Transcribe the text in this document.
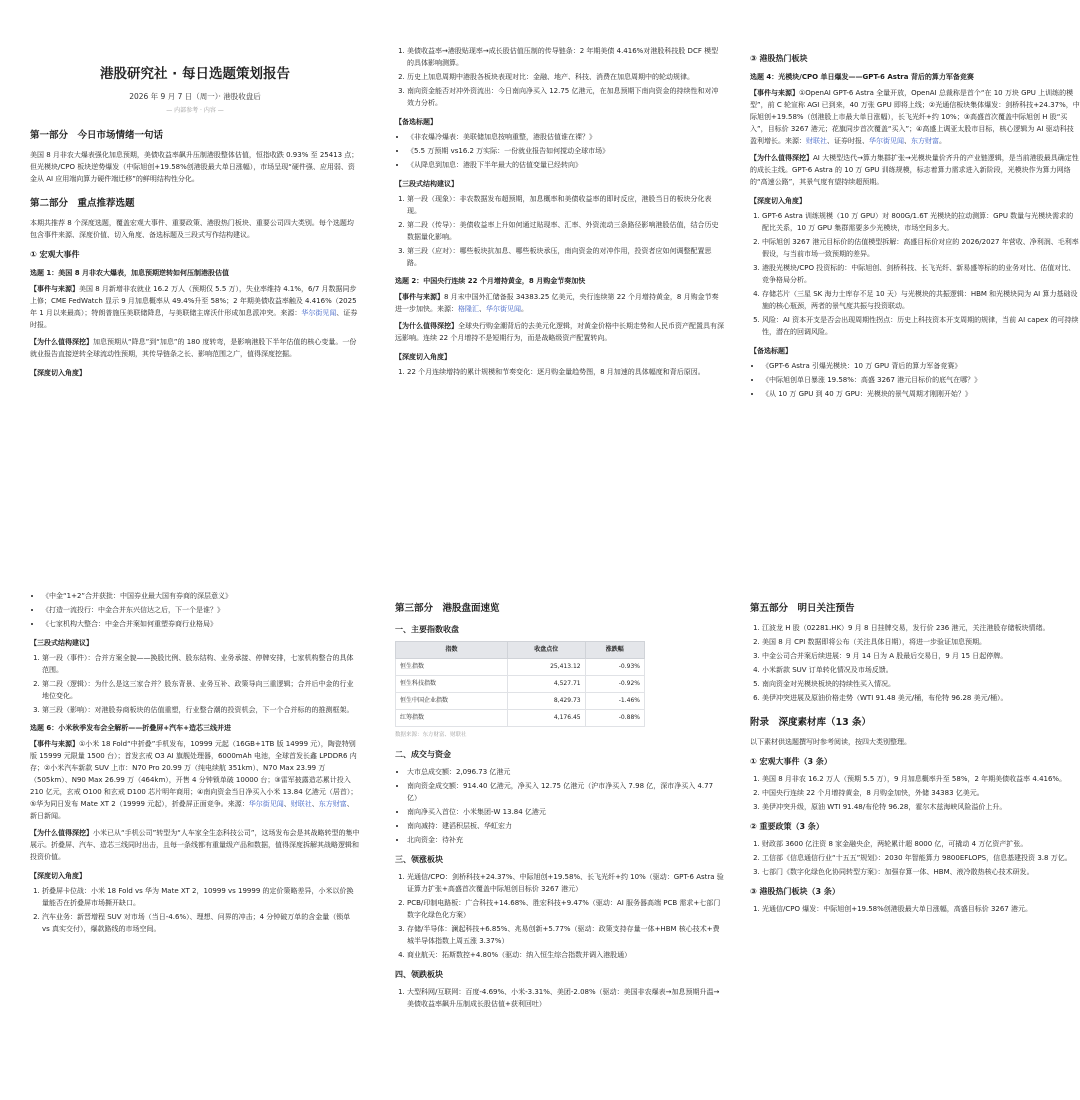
港股研究社 · 每日选题策划报告
2026 年 9 月 7 日（周一）· 港股收盘后
— 内部参考 · 内容 —
第一部分　今日市场情绪一句话

美国 8 月非农大爆表强化加息预期，美债收益率飙升压制港股整体估值，恒指收跌 0.93% 至 25413 点；但光模块/CPO 板块逆势爆发（中际旭创+19.58%创港股最大单日涨幅），市场呈现“硬件强、应用弱、资金从 AI 应用端向算力硬件端迁移”的鲜明结构性分化。

第二部分　重点推荐选题

本期共推荐 8 个深度选题，覆盖宏观大事件、重要政策、港股热门板块、重要公司四大类别。每个选题均包含事件来源、深度价值、切入角度、备选标题及三段式写作结构建议。

① 宏观大事件
选题 1：美国 8 月非农大爆表，加息预期逆转如何压制港股估值

【事件与来源】美国 8 月新增非农就业 16.2 万人（预期仅 5.5 万），失业率维持 4.1%，6/7 月数据同步上修；CME FedWatch 显示 9 月加息概率从 49.4%升至 58%；2 年期美债收益率触及 4.416%（2025 年 1 月以来最高）；特朗普施压美联储降息，与美联储主席沃什形成加息派冲突。来源：华尔街见闻、证券时报。

【为什么值得深挖】加息预期从“降息”到“加息”的 180 度转弯，是影响港股下半年估值的核心变量。一份就业报告直接逆转全球流动性预期，其传导链条之长、影响范围之广，值得深度挖掘。

【深度切入角度】
1. 美债收益率→港股贴现率→成长股估值压制的传导链条：2 年期美债 4.416%对港股科技股 DCF 模型的具体影响测算。
2. 历史上加息周期中港股各板块表现对比：金融、地产、科技、消费在加息周期中的轮动规律。
3. 南向资金能否对冲外资流出：今日南向净买入 12.75 亿港元，在加息预期下南向资金的持续性和对冲效力分析。
【备选标题】
• 《非农爆冷爆表：美联储加息按响重整，港股估值谁在裸？》
• 《5.5 万预期 vs16.2 万实际：一份就业报告如何搅动全球市场》
• 《从降息到加息：港股下半年最大的估值变量已经转向》
【三段式结构建议】
1. 第一段（现象）：非农数据发布超预期，加息概率和美债收益率的即时反应，港股当日的板块分化表现。
2. 第二段（传导）：美债收益率上升如何通过贴现率、汇率、外资流动三条路径影响港股估值，结合历史数据量化影响。
3. 第三段（应对）：哪些板块抗加息、哪些板块承压，南向资金的对冲作用，投资者应如何调整配置思路。
选题 2：中国央行连续 22 个月增持黄金，8 月购金节奏加快

【事件与来源】8 月末中国外汇储备报 34383.25 亿美元，央行连续第 22 个月增持黄金，8 月购金节奏进一步加快。来源：格隆汇、华尔街见闻。

【为什么值得深挖】全球央行购金潮背后的去美元化逻辑，对黄金价格中长期走势和人民币资产配置具有深远影响。连续 22 个月增持不是短期行为，而是战略级资产配置转向。

【深度切入角度】
1. 22 个月连续增持的累计规模和节奏变化：逐月购金量趋势图，8 月加速的具体幅度和背后原因。
③ 港股热门板块
选题 4：光模块/CPO 单日爆发——GPT-6 Astra 背后的算力军备竞赛

【事件与来源】①OpenAI GPT-6 Astra 全量开放，OpenAI 总裁称是首个“在 10 万块 GPU 上训练的模型”，前 C 轮宣称 AGI 已到来，40 万张 GPU 即将上线；②光通信板块集体爆发：剑桥科技+24.37%，中际旭创+19.58%（创港股上市最大单日涨幅），长飞光纤+约 10%；③高盛首次覆盖中际旭创 H 股“买入”，目标价 3267 港元；花旗同步首次覆盖“买入”；④高盛上调亚太股市目标，核心逻辑为 AI 驱动科技盈利增长。来源：财联社、证券时报、华尔街见闻、东方财富。

【为什么值得深挖】AI 大模型迭代→算力集群扩张→光模块量价齐升的产业链逻辑，是当前港股最具确定性的成长主线。GPT-6 Astra 的 10 万 GPU 训练规模，标志着算力需求进入新阶段，光模块作为算力网络的“高速公路”，其景气度有望持续超预期。

【深度切入角度】
1. GPT-6 Astra 训练规模（10 万 GPU）对 800G/1.6T 光模块的拉动测算：GPU 数量与光模块需求的配比关系，10 万 GPU 集群需要多少光模块，市场空间多大。
2. 中际旭创 3267 港元目标价的估值模型拆解：高盛目标价对应的 2026/2027 年营收、净利润、毛利率假设，与当前市场一致预期的差异。
3. 港股光模块/CPO 投资标的：中际旭创、剑桥科技、长飞光纤、新易盛等标的的业务对比、估值对比、竞争格局分析。
4. 存储芯片（三星 SK 海力士库存不足 10 天）与光模块的共振逻辑：HBM 和光模块同为 AI 算力基础设施的核心瓶颈，两者的景气度共振与投资联动。
5. 风险：AI 资本开支是否会出现周期性拐点：历史上科技资本开支周期的规律，当前 AI capex 的可持续性，潜在的回调风险。
【备选标题】
• 《GPT-6 Astra 引爆光模块：10 万 GPU 背后的算力军备竞赛》
• 《中际旭创单日暴涨 19.58%：高盛 3267 港元目标价的底气在哪？》
• 《从 10 万 GPU 到 40 万 GPU：光模块的景气周期才刚刚开始？》
• 《中金“1+2”合并获批：中国券业最大国有券商的深层意义》
• 《打造一流投行：中金合并东兴信达之后，下一个是谁？》
• 《七家机构大整合：中金合并案如何重塑券商行业格局》
【三段式结构建议】
1. 第一段（事件）：合并方案全貌——换股比例、股东结构、业务承接、停牌安排，七家机构整合的具体范围。
2. 第二段（逻辑）：为什么是这三家合并？股东背景、业务互补、政策导向三重逻辑；合并后中金的行业地位变化。
3. 第三段（影响）：对港股券商板块的估值重塑，行业整合潮的投资机会，下一个合并标的的推测框架。
选题 6：小米秋季发布会全解析——折叠屏+汽车+造芯三线并进

【事件与来源】①小米 18 Fold“中折叠”手机发布，10999 元起（16GB+1TB 版 14999 元），陶瓷特别版 15999 元限量 1500 台）；首发玄戒 O3 AI 旗舰处理器，6000mAh 电池，全球首发长鑫 LPDDR6 内存；②小米汽车新款 SUV 上市：N70 Pro 20.99 万（纯电续航 351km）、N70 Max 23.99 万（505km）、N90 Max 26.99 万（464km），开售 4 分钟锁单破 10000 台；③雷军披露造芯累计投入 210 亿元，玄戒 O100 和玄戒 D100 芯片明年商用；④南向资金当日净买入小米 13.84 亿港元（居首）；⑤华为同日发布 Mate XT 2（19999 元起），折叠屏正面竞争。来源：华尔街见闻、财联社、东方财富、新日新闻。

【为什么值得深挖】小米已从“手机公司”转型为“人车家全生态科技公司”，这场发布会是其战略转型的集中展示。折叠屏、汽车、造芯三线同时出击，且每一条线都有重量级产品和数据，值得深度拆解其战略逻辑和投资价值。

【深度切入角度】
1. 折叠屏卡位战：小米 18 Fold vs 华为 Mate XT 2，10999 vs 19999 的定价策略差异，小米以价换量能否在折叠屏市场撕开缺口。
2. 汽车业务：新晋增程 SUV 对市场（当日-4.6%）、理想、问界的冲击；4 分钟破万单的含金量（锁单 vs 真实交付），爆款路线的市场空间。
第三部分　港股盘面速览
一、主要指数收盘
指数	收盘点位	涨跌幅
恒生指数	25,413.12	-0.93%
恒生科技指数	4,527.71	-0.92%
恒生中国企业指数	8,429.73	-1.46%
红筹指数	4,176.45	-0.88%
数据来源：东方财富、财联社
二、成交与资金
• 大市总成交额：2,096.73 亿港元
• 南向资金成交额：914.40 亿港元，净买入 12.75 亿港元（沪市净买入 7.98 亿，深市净买入 4.77 亿）
• 南向净买入首位：小米集团-W 13.84 亿港元
• 南向减持：建滔积层板、华虹宏力
• 北向资金：待补充
三、领涨板块
1. 光通信/CPO：剑桥科技+24.37%、中际旭创+19.58%、长飞光纤+约 10%（驱动：GPT-6 Astra 验证算力扩张+高盛首次覆盖中际旭创目标价 3267 港元）
2. PCB/印制电路板：广合科技+14.68%、胜宏科技+9.47%（驱动：AI 服务器高端 PCB 需求+七部门数字化绿色化方案）
3. 存储/半导体：澜起科技+6.85%、兆易创新+5.77%（驱动：政策支持存量一体+HBM 核心技术+费城半导体指数上周五涨 3.37%）
4. 商业航天：拓斯数控+4.80%（驱动：纳入恒生综合指数并调入港股通）
四、领跌板块
1. 大型科网/互联网：百度-4.69%、小米-3.31%、美团-2.08%（驱动：美国非农爆表→加息预期升温→美债收益率飙升压制成长股估值+获利回吐）
第五部分　明日关注预告
1. 江波龙 H 股（02281.HK）9 月 8 日挂牌交易，发行价 236 港元，关注港股存储板块情绪。
2. 美国 8 月 CPI 数据即将公布（关注具体日期），将进一步验证加息预期。
3. 中金公司合并案后续进展：9 月 14 日为 A 股最后交易日，9 月 15 日起停牌。
4. 小米新款 SUV 订单转化情况及市场反馈。
5. 南向资金对光模块板块的持续性买入情况。
6. 美伊冲突进展及原油价格走势（WTI 91.48 美元/桶，布伦特 96.28 美元/桶）。
附录　深度素材库（13 条）

以下素材供选题撰写时参考阅读，按四大类别整理。

① 宏观大事件（3 条）
1. 美国 8 月非农 16.2 万人（预期 5.5 万），9 月加息概率升至 58%，2 年期美债收益率 4.416%。
2. 中国央行连续 22 个月增持黄金，8 月购金加快，外储 34383 亿美元。
3. 美伊冲突升级，原油 WTI 91.48/布伦特 96.28，霍尔木兹海峡风险溢价上升。
② 重要政策（3 条）
1. 财政部 3600 亿注资 8 家金融央企，两轮累计超 8000 亿，可撬动 4 万亿资产扩张。
2. 工信部《信息通信行业“十五五”规划》：2030 年智能算力 9800EFLOPS，信息基建投资 3.8 万亿。
3. 七部门《数字化绿色化协同转型方案》：加强存算一体、HBM、液冷散热核心技术研发。
③ 港股热门板块（3 条）
1. 光通信/CPO 爆发：中际旭创+19.58%创港股最大单日涨幅，高盛目标价 3267 港元。
